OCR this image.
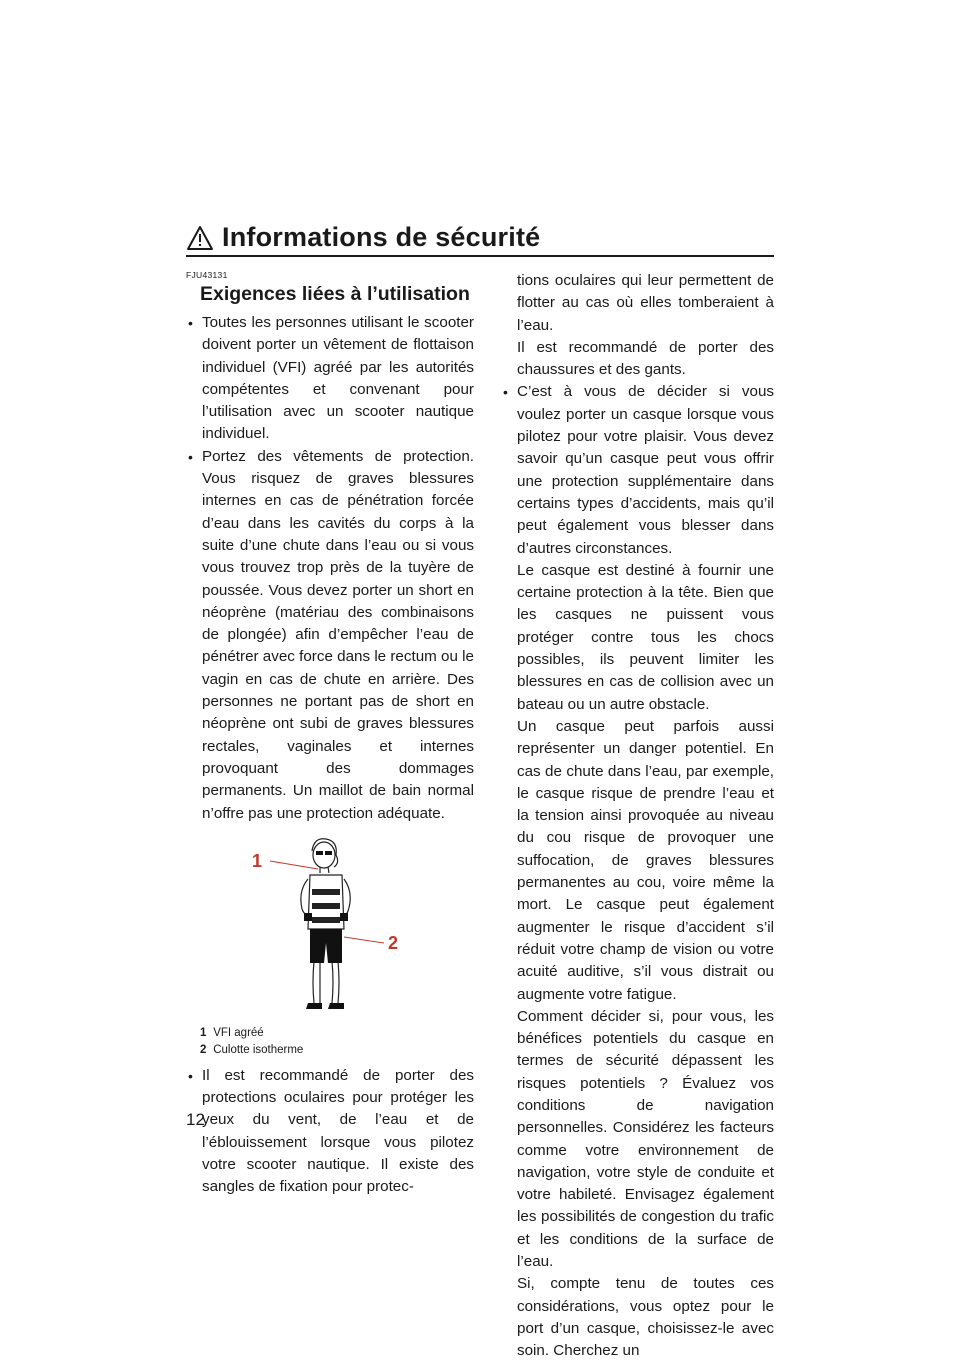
Informations de sécurité
FJU43131
Exigences liées à l’utilisation
• Toutes les personnes utilisant le scooter doivent porter un vêtement de flottaison individuel (VFI) agréé par les autorités compétentes et convenant pour l’utilisation avec un scooter nautique individuel.
• Portez des vêtements de protection. Vous risquez de graves blessures internes en cas de pénétration forcée d’eau dans les cavités du corps à la suite d’une chute dans l’eau ou si vous vous trouvez trop près de la tuyère de poussée. Vous devez porter un short en néoprène (matériau des combinaisons de plongée) afin d’empêcher l’eau de pénétrer avec force dans le rectum ou le vagin en cas de chute en arrière. Des personnes ne portant pas de short en néoprène ont subi de graves blessures rectales, vaginales et internes provoquant des dommages permanents. Un maillot de bain normal n’offre pas une protection adéquate.
1
2
1 VFI agréé
2 Culotte isotherme
• Il est recommandé de porter des protections oculaires pour protéger les yeux du vent, de l’eau et de l’éblouissement lorsque vous pilotez votre scooter nautique. Il existe des sangles de fixation pour protec-

tions oculaires qui leur permettent de flotter au cas où elles tomberaient à l’eau.

Il est recommandé de porter des chaussures et des gants.

• C’est à vous de décider si vous voulez porter un casque lorsque vous pilotez pour votre plaisir. Vous devez savoir qu’un casque peut vous offrir une protection supplémentaire dans certains types d’accidents, mais qu’il peut également vous blesser dans d’autres circonstances.

Le casque est destiné à fournir une certaine protection à la tête. Bien que les casques ne puissent vous protéger contre tous les chocs possibles, ils peuvent limiter les blessures en cas de collision avec un bateau ou un autre obstacle.

Un casque peut parfois aussi représenter un danger potentiel. En cas de chute dans l’eau, par exemple, le casque risque de prendre l’eau et la tension ainsi provoquée au niveau du cou risque de provoquer une suffocation, de graves blessures permanentes au cou, voire même la mort. Le casque peut également augmenter le risque d’accident s’il réduit votre champ de vision ou votre acuité auditive, s’il vous distrait ou augmente votre fatigue.

Comment décider si, pour vous, les bénéfices potentiels du casque en termes de sécurité dépassent les risques potentiels ? Évaluez vos conditions de navigation personnelles. Considérez les facteurs comme votre environnement de navigation, votre style de conduite et votre habileté. Envisagez également les possibilités de congestion du trafic et les conditions de la surface de l’eau.

Si, compte tenu de toutes ces considérations, vous optez pour le port d’un casque, choisissez-le avec soin. Cherchez un

12
